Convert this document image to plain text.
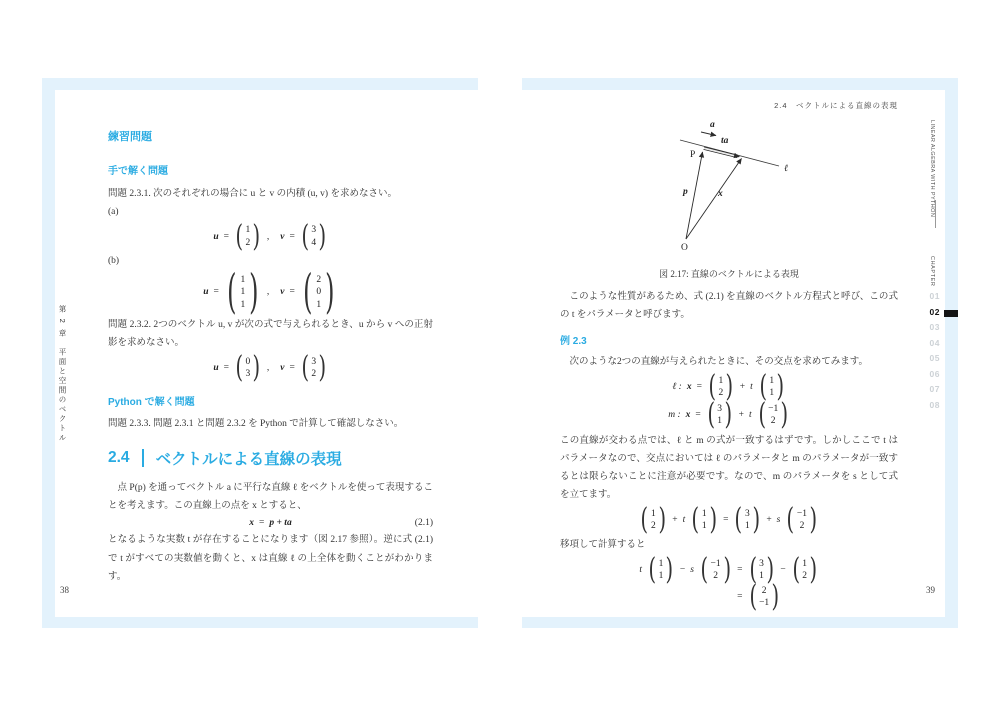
練習問題
手で解く問題
問題 2.3.1. 次のそれぞれの場合に u と v の内積 (u, v) を求めなさい。
(a)
u = ( 1
2 ) , v = ( 3
4 )
(b)
u = ( 1
1
1 ) , v = ( 2
0
1 )
問題 2.3.2. 2つのベクトル u, v が次の式で与えられるとき、u から v への正射影を求めなさい。
u = ( 0
3 ) , v = ( 3
2 )
Python で解く問題
問題 2.3.3. 問題 2.3.1 と問題 2.3.2 を Python で計算して確認しなさい。
2.4 ベクトルによる直線の表現
点 P(p) を通ってベクトル a に平行な直線 ℓ をベクトルを使って表現することを考えます。この直線上の点を x とすると、
x = p + ta	(2.1)
となるような実数 t が存在することになります（図 2.17 参照）。逆に式 (2.1) で t がすべての実数値を動くと、x は直線 ℓ の上全体を動くことがわかります。
第 2 章　平面と空間のベクトル
38
2.4　ベクトルによる直線の表現
a
ta
P
ℓ
p	x
O
図 2.17: 直線のベクトルによる表現
このような性質があるため、式 (2.1) を直線のベクトル方程式と呼び、この式の t をパラメータと呼びます。
例 2.3
次のような2つの直線が与えられたときに、その交点を求めてみます。
ℓ : x = ( 1
2 ) + t ( 1
1 )
m : x = ( 3
1 ) + t ( −1
2 )
この直線が交わる点では、ℓ と m の式が一致するはずです。しかしここで t はパラメータなので、交点においては ℓ のパラメータと m のパラメータが一致するとは限らないことに注意が必要です。なので、m のパラメータを s として式を立てます。
( 1
2 ) + t ( 1
1 ) = ( 3
1 ) + s ( −1
2 )
移項して計算すると
t ( 1
1 ) − s ( −1
2 ) = ( 3
1 ) − ( 1
2 )
= ( 2
−1 )
LINEAR ALGEBRA WITH PYTHON
CHAPTER
01
02
03
04
05
06
07
08
39
